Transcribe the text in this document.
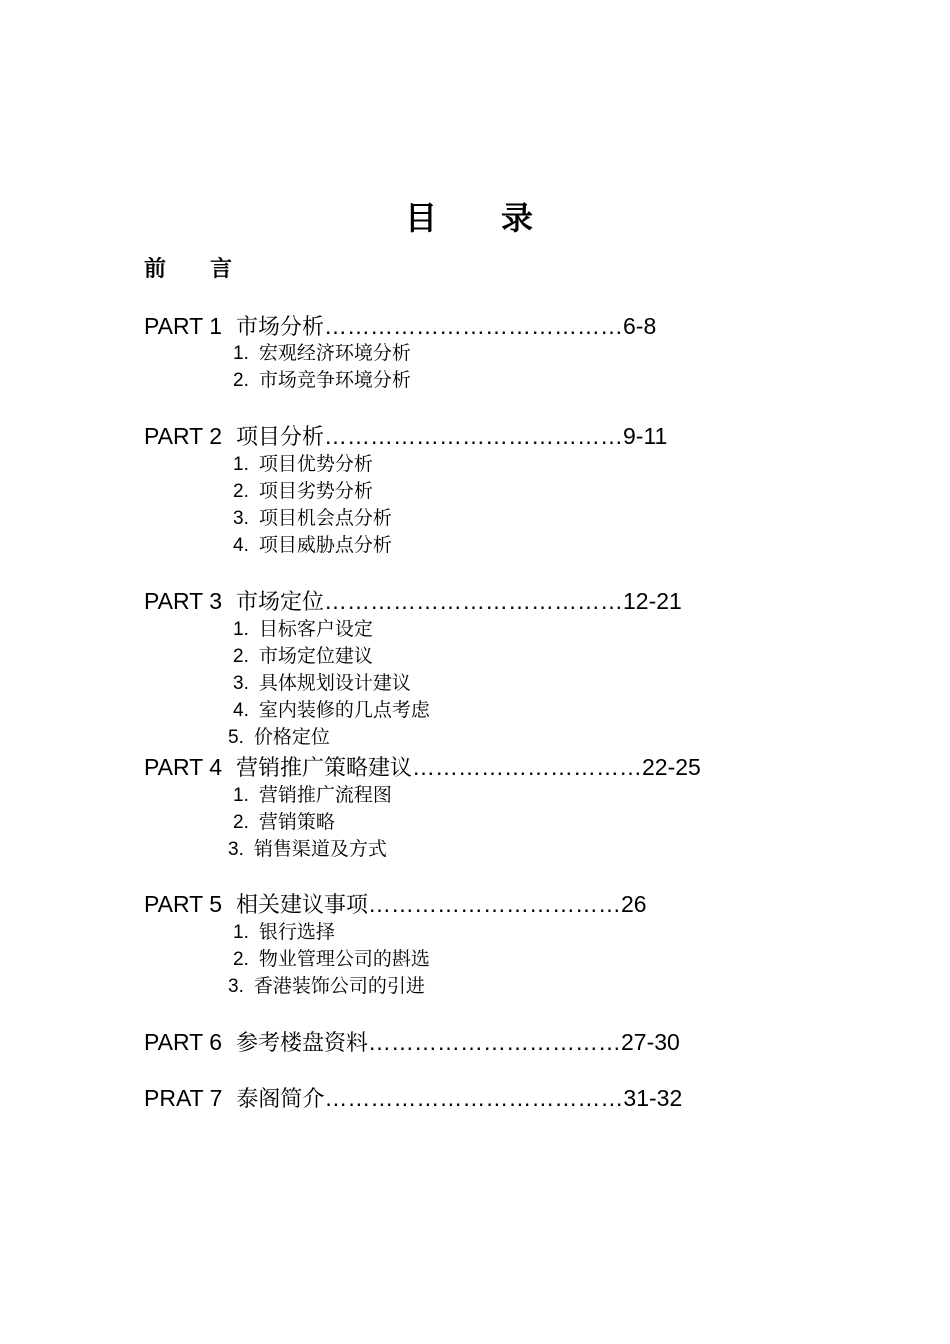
目　　录
前　　言
PART 1 市场分析…………………………………6-8
1. 宏观经济环境分析
2. 市场竞争环境分析
PART 2 项目分析…………………………………9-11
1. 项目优势分析
2. 项目劣势分析
3. 项目机会点分析
4. 项目威胁点分析
PART 3 市场定位…………………………………12-21
1. 目标客户设定
2. 市场定位建议
3. 具体规划设计建议
4. 室内装修的几点考虑
5. 价格定位
PART 4 营销推广策略建议…………………………22-25
1. 营销推广流程图
2. 营销策略
3. 销售渠道及方式
PART 5 相关建议事项……………………………26
1. 银行选择
2. 物业管理公司的斟选
3. 香港装饰公司的引进
PART 6 参考楼盘资料……………………………27-30
PRAT 7 泰阁简介…………………………………31-32
